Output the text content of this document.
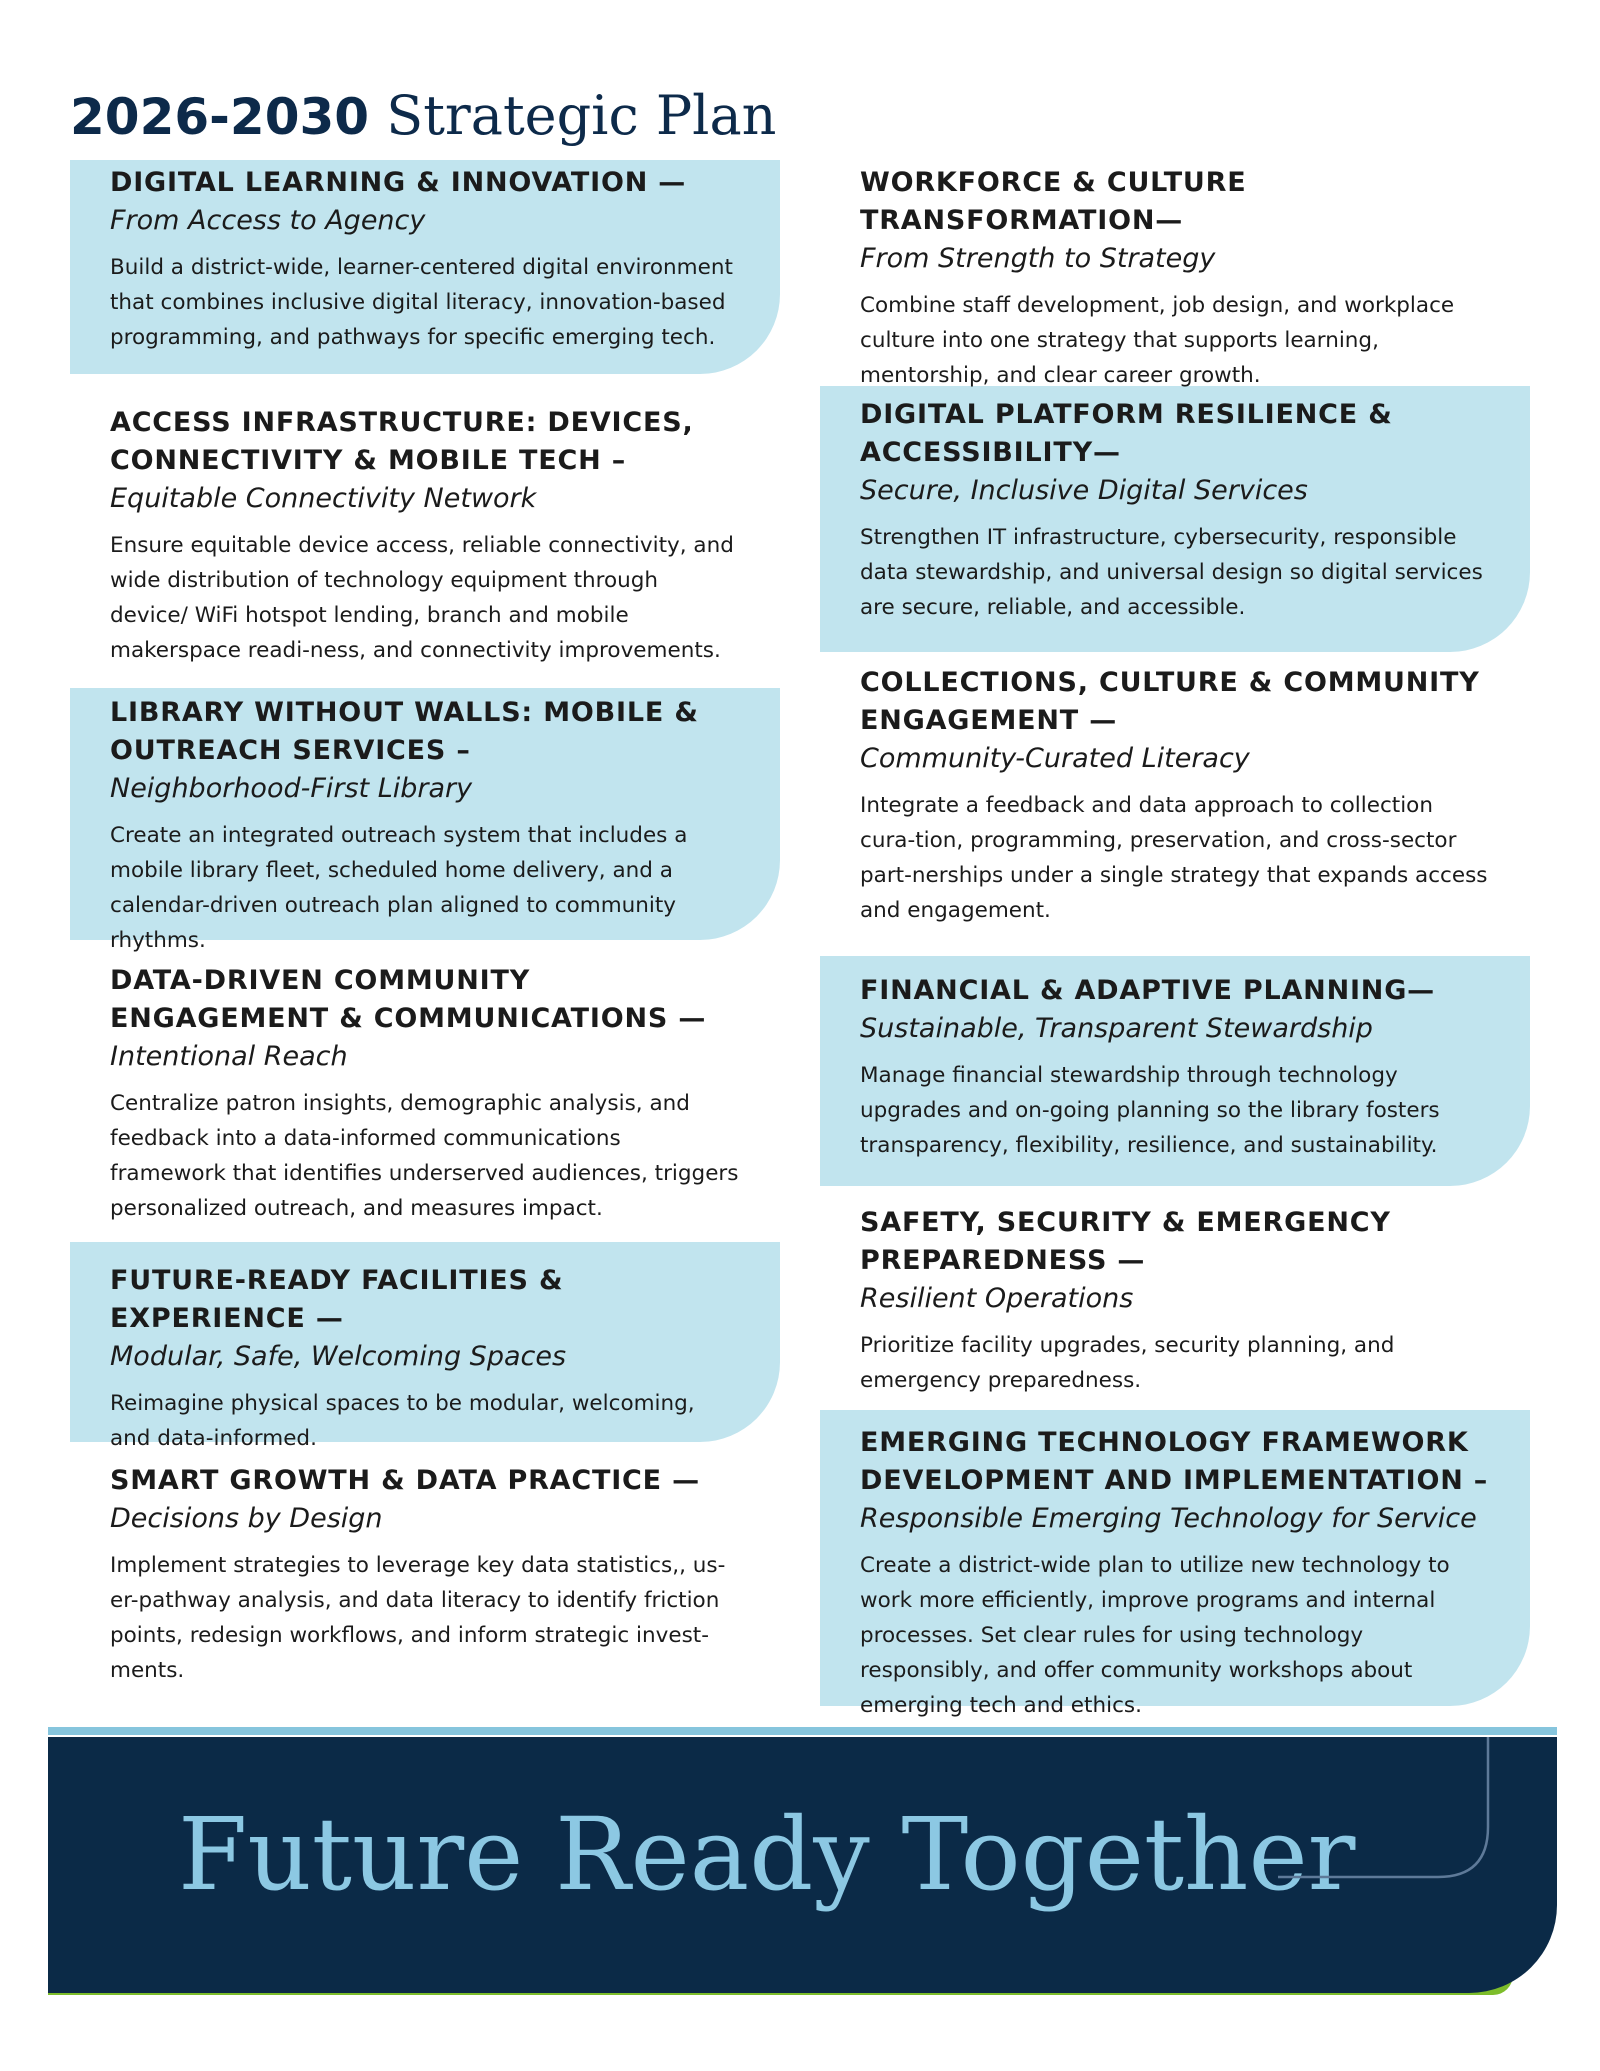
2026-2030 Strategic Plan
DIGITAL LEARNING & INNOVATION —
From Access to Agency
Build a district-wide, learner-centered digital environment that combines inclusive digital literacy, innovation-based programming, and pathways for specific emerging tech.
ACCESS INFRASTRUCTURE: DEVICES, CONNECTIVITY & MOBILE TECH –
Equitable Connectivity Network
Ensure equitable device access, reliable connectivity, and wide distribution of technology equipment through device/ WiFi hotspot lending, branch and mobile makerspace readi-ness, and connectivity improvements.
LIBRARY WITHOUT WALLS: MOBILE & OUTREACH SERVICES –
Neighborhood-First Library
Create an integrated outreach system that includes a mobile library fleet, scheduled home delivery, and a calendar-driven outreach plan aligned to community rhythms.
DATA-DRIVEN COMMUNITY ENGAGEMENT & COMMUNICATIONS —
Intentional Reach
Centralize patron insights, demographic analysis, and feedback into a data-informed communications framework that identifies underserved audiences, triggers personalized outreach, and measures impact.
FUTURE-READY FACILITIES & EXPERIENCE —
Modular, Safe, Welcoming Spaces
Reimagine physical spaces to be modular, welcoming, and data-informed.
SMART GROWTH & DATA PRACTICE —
Decisions by Design
Implement strategies to leverage key data statistics,, us-er-pathway analysis, and data literacy to identify friction points, redesign workflows, and inform strategic invest-ments.
WORKFORCE & CULTURE TRANSFORMATION—
From Strength to Strategy
Combine staff development, job design, and workplace culture into one strategy that supports learning, mentorship, and clear career growth.
DIGITAL PLATFORM RESILIENCE & ACCESSIBILITY—
Secure, Inclusive Digital Services
Strengthen IT infrastructure, cybersecurity, responsible data stewardship, and universal design so digital services are secure, reliable, and accessible.
COLLECTIONS, CULTURE & COMMUNITY ENGAGEMENT —
Community-Curated Literacy
Integrate a feedback and data approach to collection cura-tion, programming, preservation, and cross-sector part-nerships under a single strategy that expands access and engagement.
FINANCIAL & ADAPTIVE PLANNING—
Sustainable, Transparent Stewardship
Manage financial stewardship through technology upgrades and on-going planning so the library fosters transparency, flexibility, resilience, and sustainability.
SAFETY, SECURITY & EMERGENCY PREPAREDNESS —
Resilient Operations
Prioritize facility upgrades, security planning, and emergency preparedness.
EMERGING TECHNOLOGY FRAMEWORK DEVELOPMENT AND IMPLEMENTATION –
Responsible Emerging Technology for Service
Create a district-wide plan to utilize new technology to work more efficiently, improve programs and internal processes. Set clear rules for using technology responsibly, and offer community workshops about emerging tech and ethics.
Future Ready Together
